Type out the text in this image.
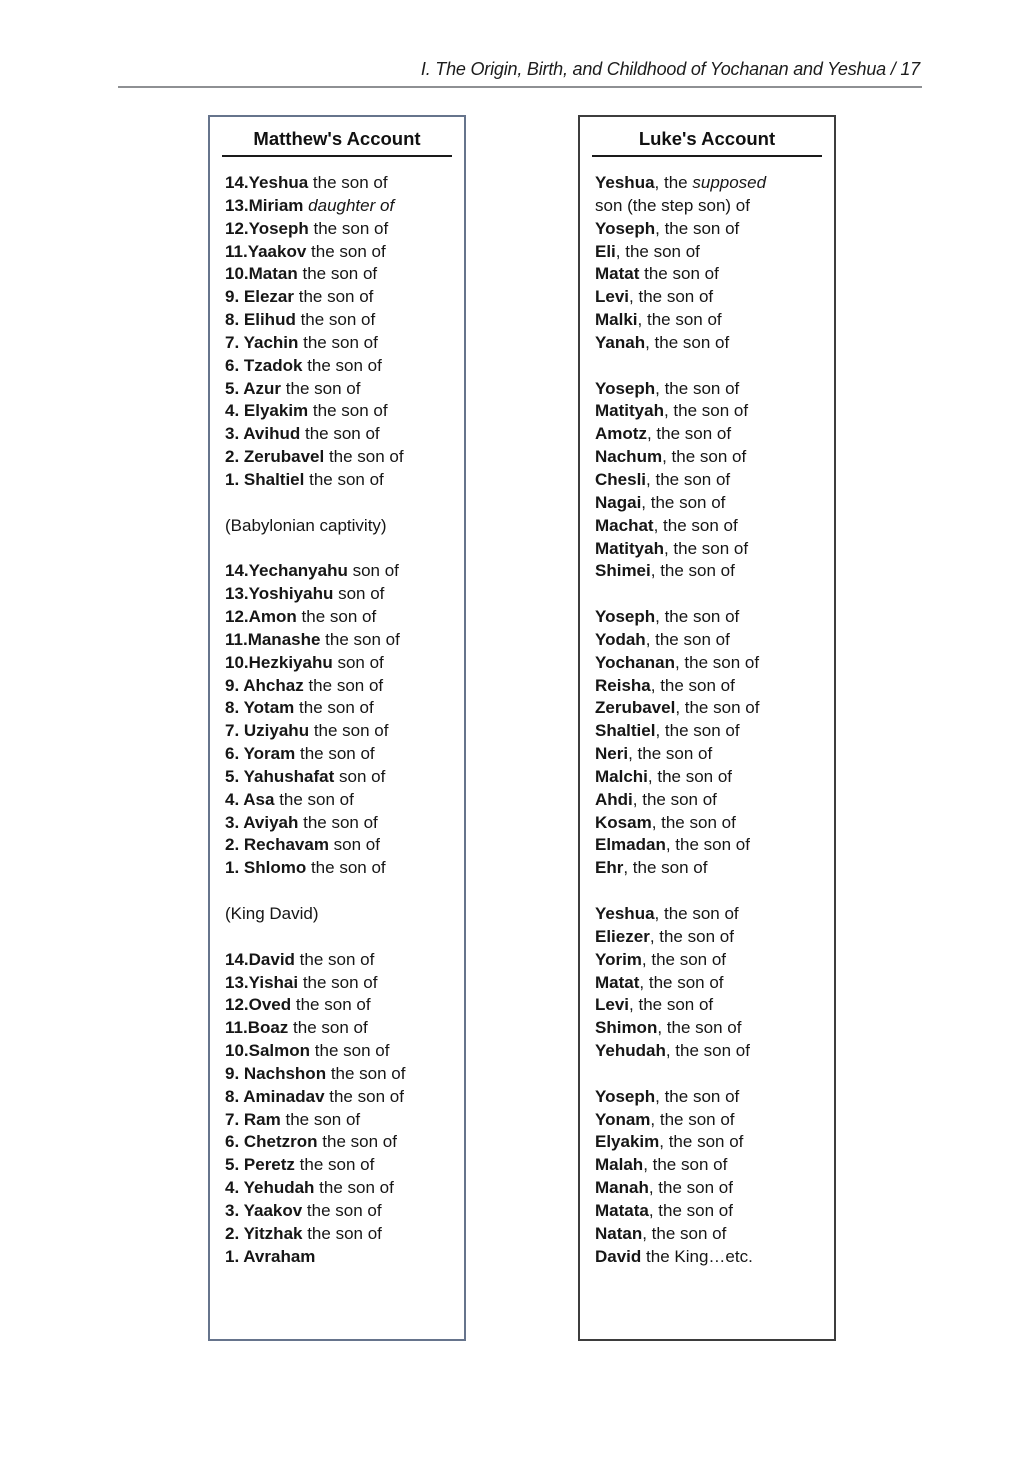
I. The Origin, Birth, and Childhood of Yochanan and Yeshua / 17
Matthew's Account
14.Yeshua the son of
13.Miriam daughter of
12.Yoseph the son of
11.Yaakov the son of
10.Matan the son of
9. Elezar the son of
8. Elihud the son of
7. Yachin the son of
6. Tzadok the son of
5. Azur the son of
4. Elyakim the son of
3. Avihud the son of
2. Zerubavel the son of
1. Shaltiel the son of

(Babylonian captivity)

14.Yechanyahu son of
13.Yoshiyahu son of
12.Amon the son of
11.Manashe the son of
10.Hezkiyahu son of
9. Ahchaz the son of
8. Yotam the son of
7. Uziyahu the son of
6. Yoram the son of
5. Yahushafat son of
4. Asa the son of
3. Aviyah the son of
2. Rechavam son of
1. Shlomo the son of

(King David)

14.David the son of
13.Yishai the son of
12.Oved the son of
11.Boaz the son of
10.Salmon the son of
9. Nachshon the son of
8. Aminadav the son of
7. Ram the son of
6. Chetzron the son of
5. Peretz the son of
4. Yehudah the son of
3. Yaakov the son of
2. Yitzhak the son of
1. Avraham
Luke's Account
Yeshua, the supposed
son (the step son) of
Yoseph, the son of
Eli, the son of
Matat the son of
Levi, the son of
Malki, the son of
Yanah, the son of

Yoseph, the son of
Matityah, the son of
Amotz, the son of
Nachum, the son of
Chesli, the son of
Nagai, the son of
Machat, the son of
Matityah, the son of
Shimei, the son of

Yoseph, the son of
Yodah, the son of
Yochanan, the son of
Reisha, the son of
Zerubavel, the son of
Shaltiel, the son of
Neri, the son of
Malchi, the son of
Ahdi, the son of
Kosam, the son of
Elmadan, the son of
Ehr, the son of

Yeshua, the son of
Eliezer, the son of
Yorim, the son of
Matat, the son of
Levi, the son of
Shimon, the son of
Yehudah, the son of

Yoseph, the son of
Yonam, the son of
Elyakim, the son of
Malah, the son of
Manah, the son of
Matata, the son of
Natan, the son of
David the King…etc.
